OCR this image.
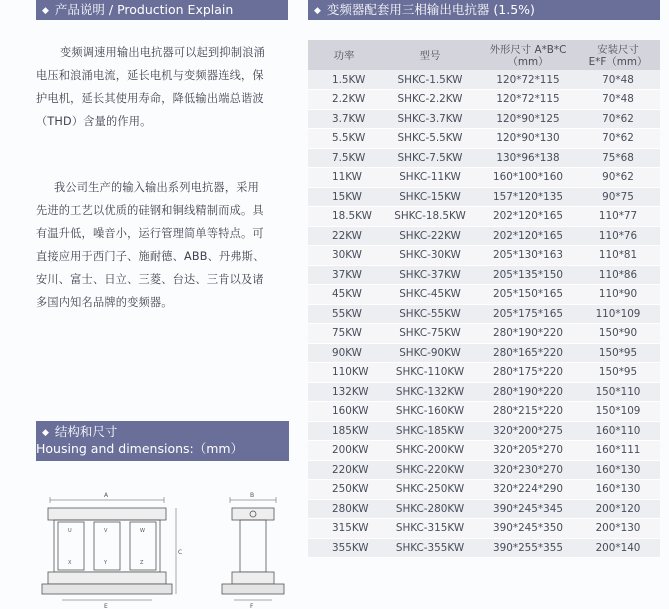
◆ 产品说明 / Production Explain

变频调速用输出电抗器可以起到抑制浪涌

电压和浪涌电流，延长电机与变频器连线，保

护电机，延长其使用寿命，降低输出端总谐波

（THD）含量的作用。

我公司生产的输入输出系列电抗器，采用

先进的工艺以优质的硅钢和铜线精制而成。具

有温升低，噪音小，运行管理简单等特点。可

直接应用于西门子、施耐德、ABB、丹弗斯、

安川、富士、日立、三菱、台达、三肯以及诸

多国内知名品牌的变频器。

◆ 结构和尺寸
Housing and dimensions:（mm）
A
U	V	W
X	Y	Z
C
E
B
F
◆ 变频器配套用三相输出电抗器 (1.5%)
功率	型号	外形尺寸 A*B*C
（mm）	安装尺寸
E*F（mm）
1.5KW	SHKC-1.5KW	120*72*115	70*48
2.2KW	SHKC-2.2KW	120*72*115	70*48
3.7KW	SHKC-3.7KW	120*90*125	70*62
5.5KW	SHKC-5.5KW	120*90*130	70*62
7.5KW	SHKC-7.5KW	130*96*138	75*68
11KW	SHKC-11KW	160*100*160	90*62
15KW	SHKC-15KW	157*120*135	90*75
18.5KW	SHKC-18.5KW	202*120*165	110*77
22KW	SHKC-22KW	202*120*165	110*76
30KW	SHKC-30KW	205*130*163	110*81
37KW	SHKC-37KW	205*135*150	110*86
45KW	SHKC-45KW	205*150*165	110*90
55KW	SHKC-55KW	205*175*165	110*109
75KW	SHKC-75KW	280*190*220	150*90
90KW	SHKC-90KW	280*165*220	150*95
110KW	SHKC-110KW	280*175*220	150*95
132KW	SHKC-132KW	280*190*220	150*110
160KW	SHKC-160KW	280*215*220	150*109
185KW	SHKC-185KW	320*200*275	160*110
200KW	SHKC-200KW	320*205*270	160*111
220KW	SHKC-220KW	320*230*270	160*130
250KW	SHKC-250KW	320*224*290	160*130
280KW	SHKC-280KW	390*245*345	200*120
315KW	SHKC-315KW	390*245*350	200*130
355KW	SHKC-355KW	390*255*355	200*140
